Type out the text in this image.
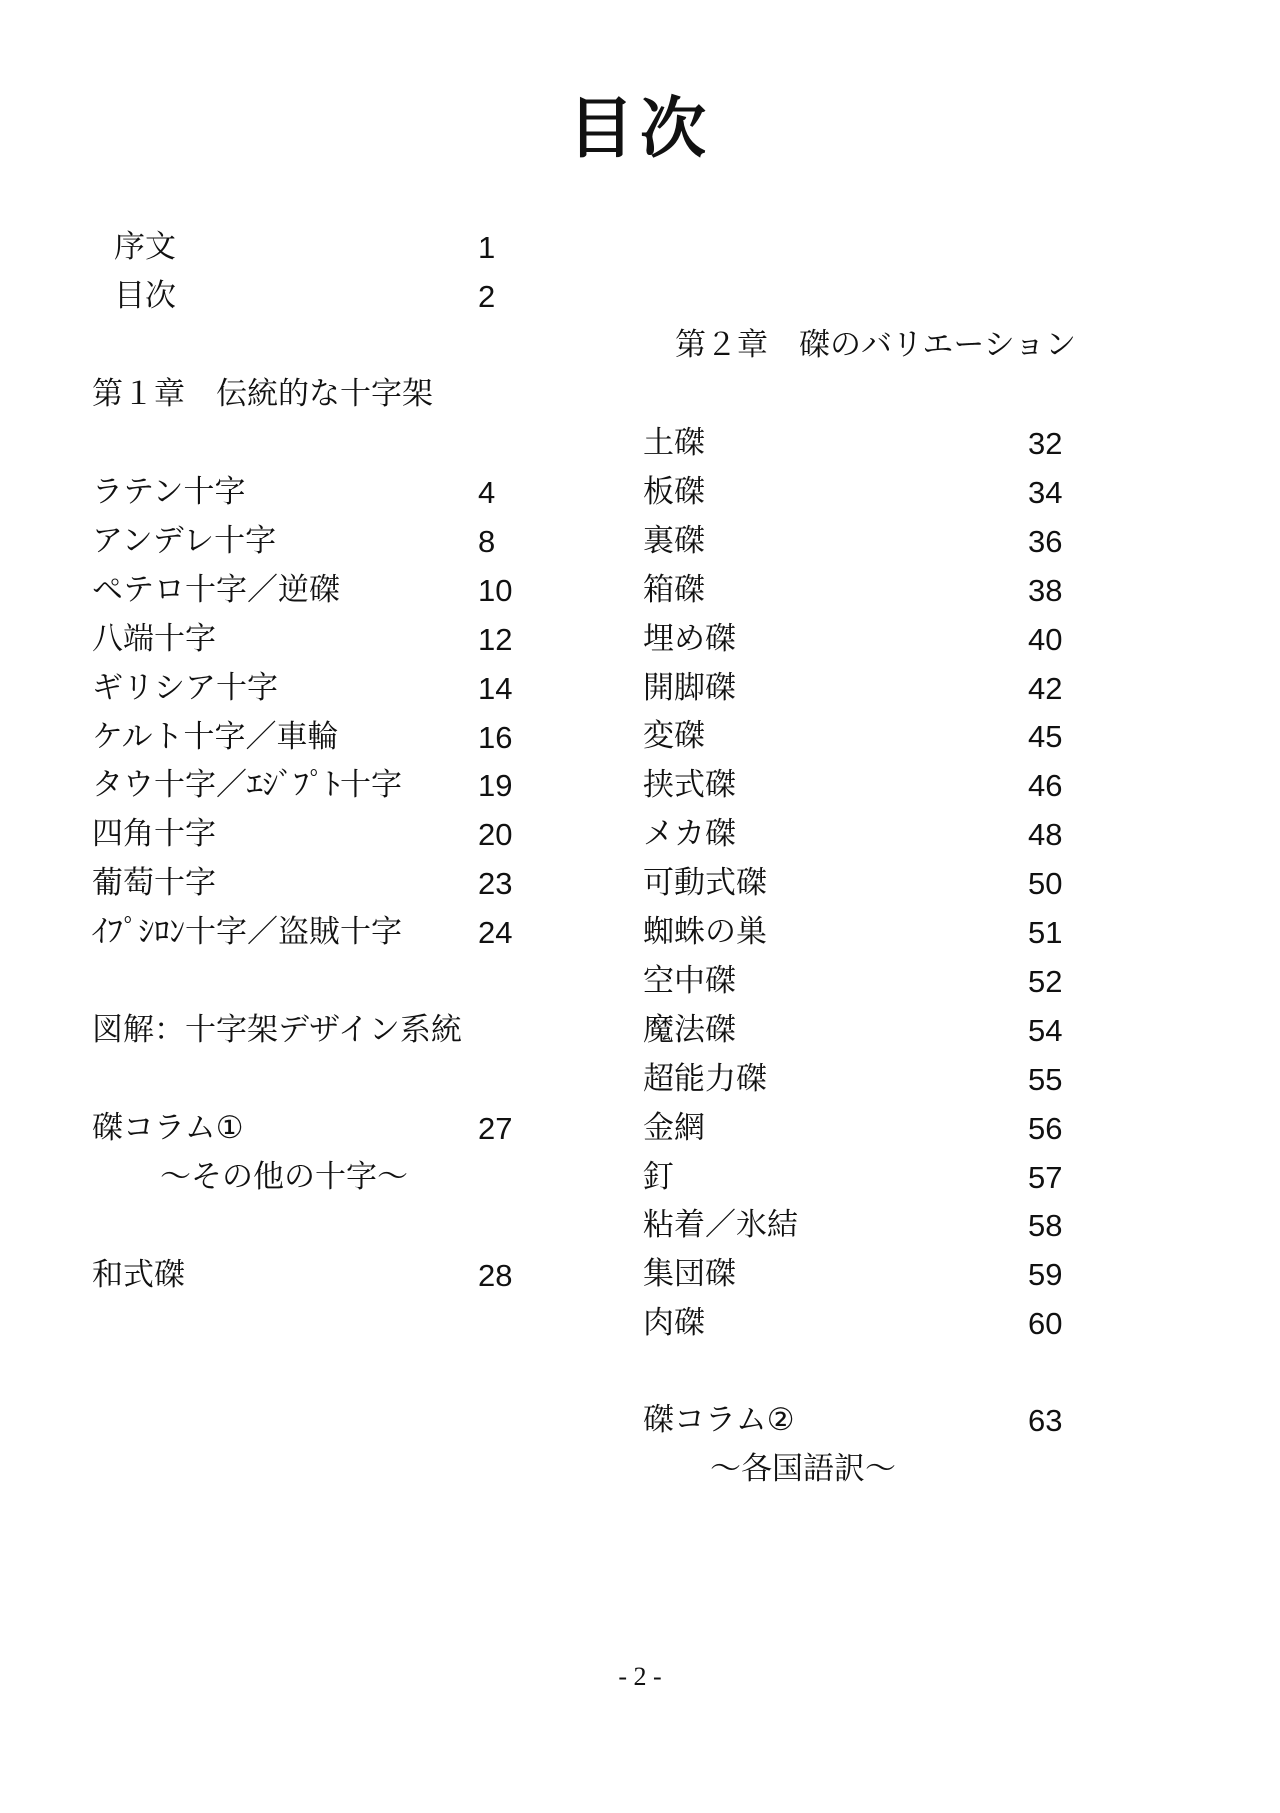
目次
序文	1
目次	2
第１章　伝統的な十字架
ラテン十字	4
アンデレ十字	8
ペテロ十字／逆磔	10
八端十字	12
ギリシア十字	14
ケルト十字／車輪	16
タウ十字／ｴｼﾞﾌﾟﾄ十字 19
四角十字	20
葡萄十字	23
ｲﾌﾟｼﾛﾝ十字／盗賊十字 24
図解：十字架デザイン系統
磔コラム①	27
～その他の十字～
和式磔	28
第２章　磔のバリエーション
土磔	32
板磔	34
裏磔	36
箱磔	38
埋め磔	40
開脚磔	42
変磔	45
挟式磔	46
メカ磔	48
可動式磔	50
蜘蛛の巣	51
空中磔	52
魔法磔	54
超能力磔	55
金網	56
釘	57
粘着／氷結	58
集団磔	59
肉磔	60
磔コラム②	63
～各国語訳～
- 2 -
